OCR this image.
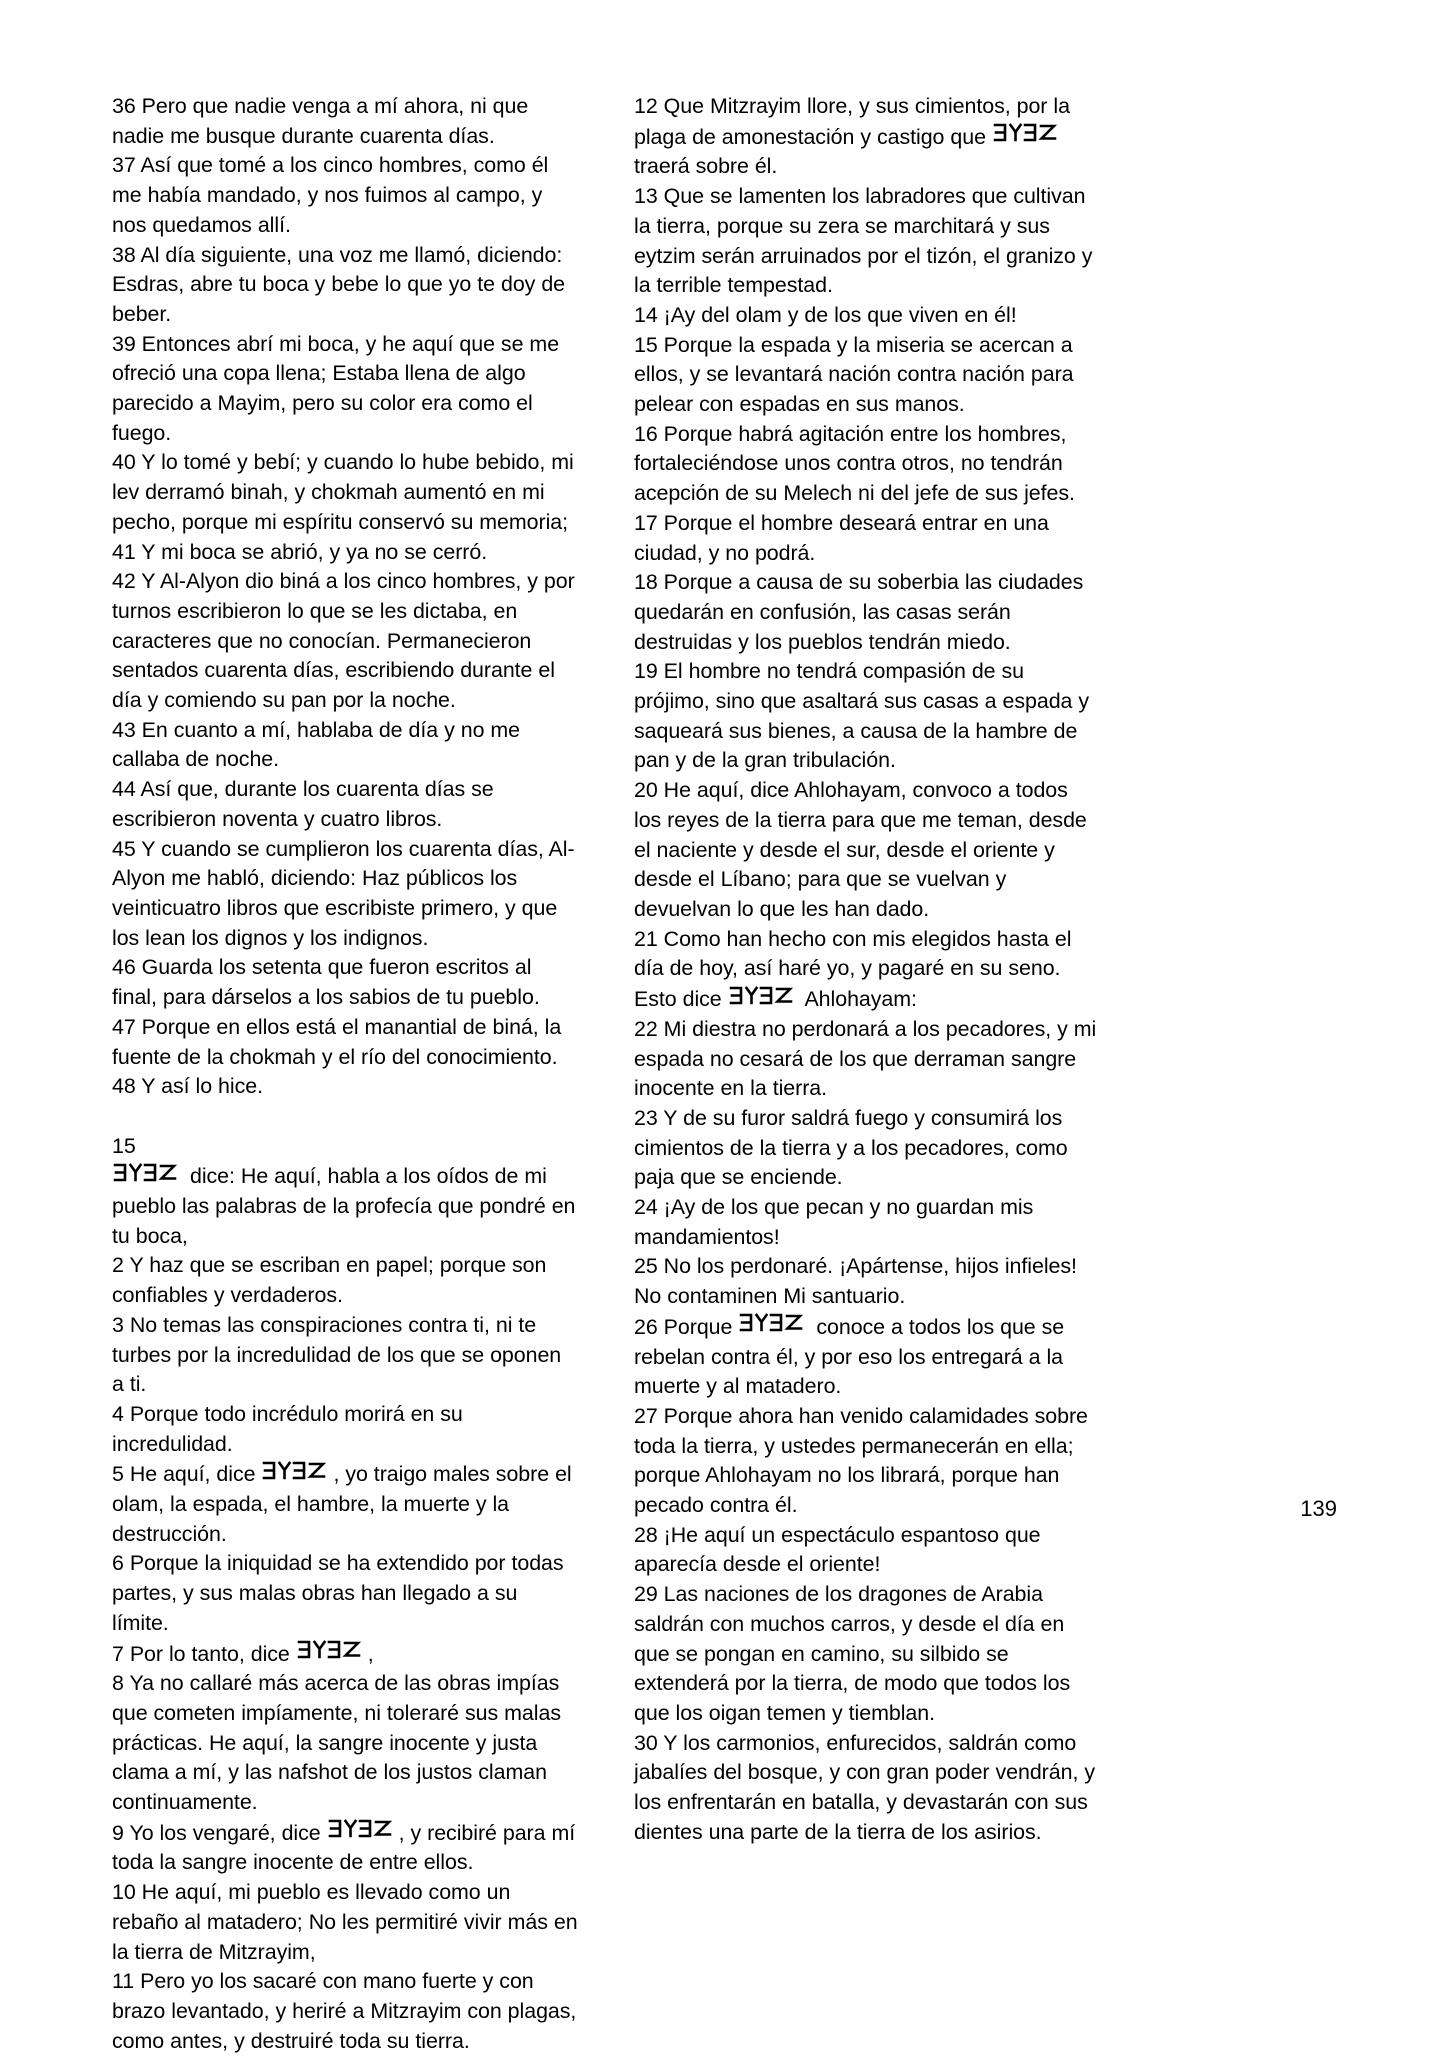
36 Pero que nadie venga a mí ahora, ni que nadie me busque durante cuarenta días.

37 Así que tomé a los cinco hombres, como él me había mandado, y nos fuimos al campo, y nos quedamos allí.

38 Al día siguiente, una voz me llamó, diciendo: Esdras, abre tu boca y bebe lo que yo te doy de beber.

39 Entonces abrí mi boca, y he aquí que se me ofreció una copa llena; Estaba llena de algo parecido a Mayim, pero su color era como el fuego.

40 Y lo tomé y bebí; y cuando lo hube bebido, mi lev derramó binah, y chokmah aumentó en mi pecho, porque mi espíritu conservó su memoria;

41 Y mi boca se abrió, y ya no se cerró.

42 Y Al-Alyon dio biná a los cinco hombres, y por turnos escribieron lo que se les dictaba, en caracteres que no conocían. Permanecieron sentados cuarenta días, escribiendo durante el día y comiendo su pan por la noche.

43 En cuanto a mí, hablaba de día y no me callaba de noche.

44 Así que, durante los cuarenta días se escribieron noventa y cuatro libros.

45 Y cuando se cumplieron los cuarenta días, Al-Alyon me habló, diciendo: Haz públicos los veinticuatro libros que escribiste primero, y que los lean los dignos y los indignos.

46 Guarda los setenta que fueron escritos al final, para dárselos a los sabios de tu pueblo.

47 Porque en ellos está el manantial de biná, la fuente de la chokmah y el río del conocimiento.

48 Y así lo hice.

15

dice: He aquí, habla a los oídos de mi pueblo las palabras de la profecía que pondré en tu boca,

2 Y haz que se escriban en papel; porque son confiables y verdaderos.

3 No temas las conspiraciones contra ti, ni te turbes por la incredulidad de los que se oponen a ti.

4 Porque todo incrédulo morirá en su incredulidad.

5 He aquí, dice	, yo traigo males sobre el olam, la espada, el hambre, la muerte y la destrucción.

6 Porque la iniquidad se ha extendido por todas partes, y sus malas obras han llegado a su límite.

7 Por lo tanto, dice	,

8 Ya no callaré más acerca de las obras impías que cometen impíamente, ni toleraré sus malas prácticas. He aquí, la sangre inocente y justa clama a mí, y las nafshot de los justos claman continuamente.

9 Yo los vengaré, dice	, y recibiré para mí toda la sangre inocente de entre ellos.

10 He aquí, mi pueblo es llevado como un rebaño al matadero; No les permitiré vivir más en la tierra de Mitzrayim,

11 Pero yo los sacaré con mano fuerte y con brazo levantado, y heriré a Mitzrayim con plagas, como antes, y destruiré toda su tierra.

12 Que Mitzrayim llore, y sus cimientos, por la plaga de amonestación y castigo que
traerá sobre él.

13 Que se lamenten los labradores que cultivan la tierra, porque su zera se marchitará y sus eytzim serán arruinados por el tizón, el granizo y la terrible tempestad.

14 ¡Ay del olam y de los que viven en él!

15 Porque la espada y la miseria se acercan a ellos, y se levantará nación contra nación para pelear con espadas en sus manos.

16 Porque habrá agitación entre los hombres, fortaleciéndose unos contra otros, no tendrán acepción de su Melech ni del jefe de sus jefes.

17 Porque el hombre deseará entrar en una ciudad, y no podrá.

18 Porque a causa de su soberbia las ciudades quedarán en confusión, las casas serán destruidas y los pueblos tendrán miedo.

19 El hombre no tendrá compasión de su prójimo, sino que asaltará sus casas a espada y saqueará sus bienes, a causa de la hambre de pan y de la gran tribulación.

20 He aquí, dice Ahlohayam, convoco a todos los reyes de la tierra para que me teman, desde el naciente y desde el sur, desde el oriente y desde el Líbano; para que se vuelvan y devuelvan lo que les han dado.

21 Como han hecho con mis elegidos hasta el día de hoy, así haré yo, y pagaré en su seno. Esto dice	Ahlohayam:

22 Mi diestra no perdonará a los pecadores, y mi espada no cesará de los que derraman sangre inocente en la tierra.

23 Y de su furor saldrá fuego y consumirá los cimientos de la tierra y a los pecadores, como paja que se enciende.

24 ¡Ay de los que pecan y no guardan mis mandamientos!

25 No los perdonaré. ¡Apártense, hijos infieles! No contaminen Mi santuario.

26 Porque	conoce a todos los que se rebelan contra él, y por eso los entregará a la muerte y al matadero.

27 Porque ahora han venido calamidades sobre toda la tierra, y ustedes permanecerán en ella; porque Ahlohayam no los librará, porque han pecado contra él.

28 ¡He aquí un espectáculo espantoso que aparecía desde el oriente!

29 Las naciones de los dragones de Arabia saldrán con muchos carros, y desde el día en que se pongan en camino, su silbido se extenderá por la tierra, de modo que todos los que los oigan temen y tiemblan.

30 Y los carmonios, enfurecidos, saldrán como jabalíes del bosque, y con gran poder vendrán, y los enfrentarán en batalla, y devastarán con sus dientes una parte de la tierra de los asirios.

139
